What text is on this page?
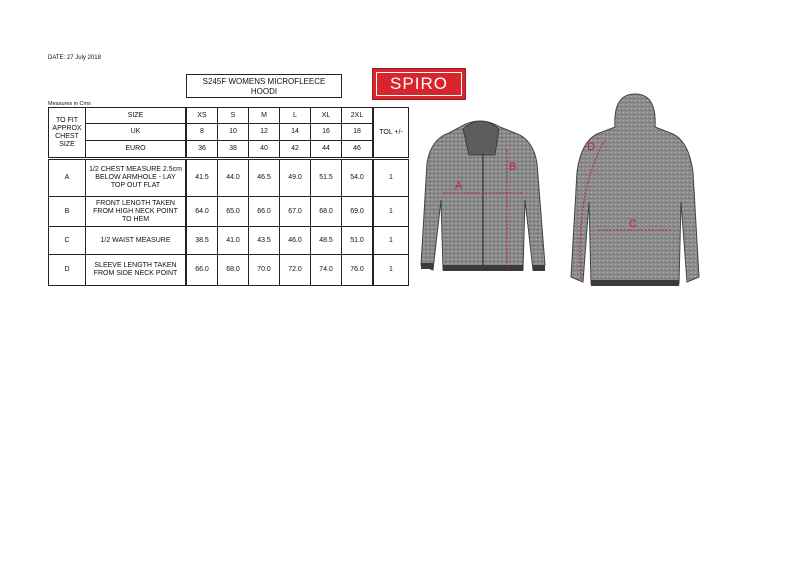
DATE: 27 July 2018
S245F WOMENS MICROFLEECE
HOODI	SPIRO
Measures in Cms
TO FIT APPROX CHEST SIZE	SIZE	XS	S	M	L	XL	2XL	TOL +/-
	UK	8	10	12	14	16	18	
	EURO	36	38	40	42	44	46	
A	1/2 CHEST MEASURE 2.5cm BELOW ARMHOLE - LAY TOP OUT FLAT	41.5	44.0	46.5	49.0	51.5	54.0	1
B	FRONT LENGTH TAKEN FROM HIGH NECK POINT TO HEM	64.0	65.0	66.0	67.0	68.0	69.0	1
C	1/2 WAIST MEASURE	38.5	41.0	43.5	46.0	48.5	51.0	1
D	SLEEVE LENGTH TAKEN FROM SIDE NECK POINT	66.0	68.0	70.0	72.0	74.0	76.0	1
A
B
D
C
